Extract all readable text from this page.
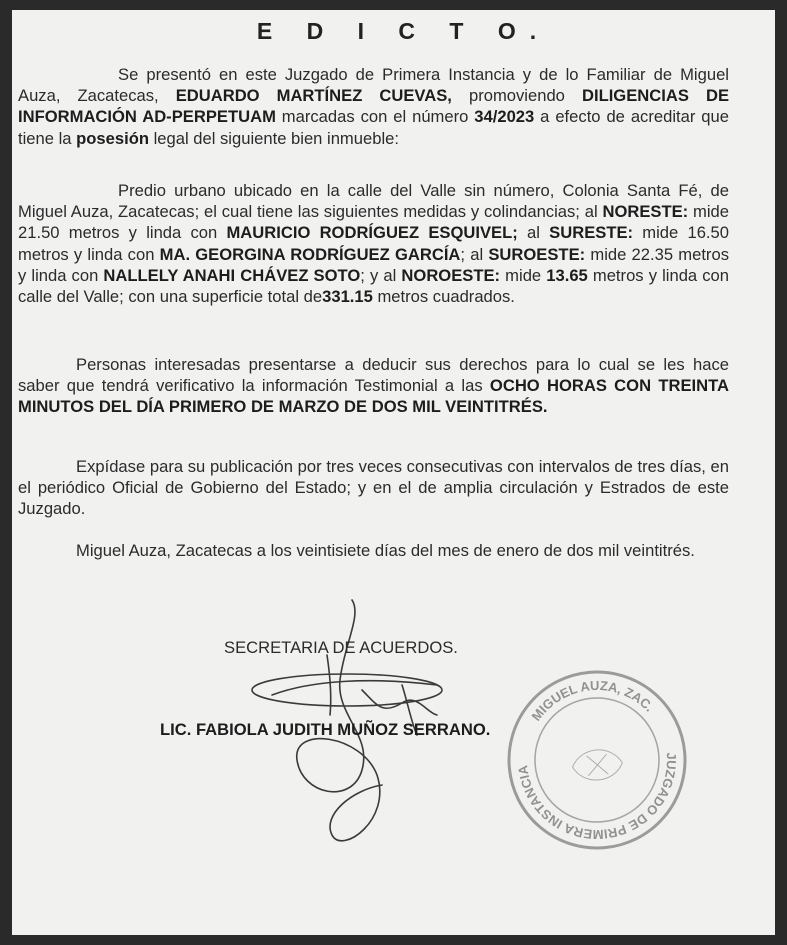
E D I C T O.

Se presentó en este Juzgado de Primera Instancia y de lo Familiar de Miguel Auza, Zacatecas, EDUARDO MARTÍNEZ CUEVAS, promoviendo DILIGENCIAS DE INFORMACIÓN AD-PERPETUAM marcadas con el número 34/2023 a efecto de acreditar que tiene la posesión legal del siguiente bien inmueble:

Predio urbano ubicado en la calle del Valle sin número, Colonia Santa Fé, de Miguel Auza, Zacatecas; el cual tiene las siguientes medidas y colindancias; al NORESTE: mide 21.50 metros y linda con MAURICIO RODRÍGUEZ ESQUIVEL; al SURESTE: mide 16.50 metros y linda con MA. GEORGINA RODRÍGUEZ GARCÍA; al SUROESTE: mide 22.35 metros y linda con NALLELY ANAHI CHÁVEZ SOTO; y al NOROESTE: mide 13.65 metros y linda con calle del Valle; con una superficie total de331.15 metros cuadrados.

Personas interesadas presentarse a deducir sus derechos para lo cual se les hace saber que tendrá verificativo la información Testimonial a las OCHO HORAS CON TREINTA MINUTOS DEL DÍA PRIMERO DE MARZO DE DOS MIL VEINTITRÉS.

Expídase para su publicación por tres veces consecutivas con intervalos de tres días, en el periódico Oficial de Gobierno del Estado; y en el de amplia circulación y Estrados de este Juzgado.

Miguel Auza, Zacatecas a los veintisiete días del mes de enero de dos mil veintitrés.

SECRETARIA DE ACUERDOS.
LIC. FABIOLA JUDITH MUÑOZ SERRANO.
JUZGADO DE PRIMERA INSTANCIA
MIGUEL AUZA, ZAC.
